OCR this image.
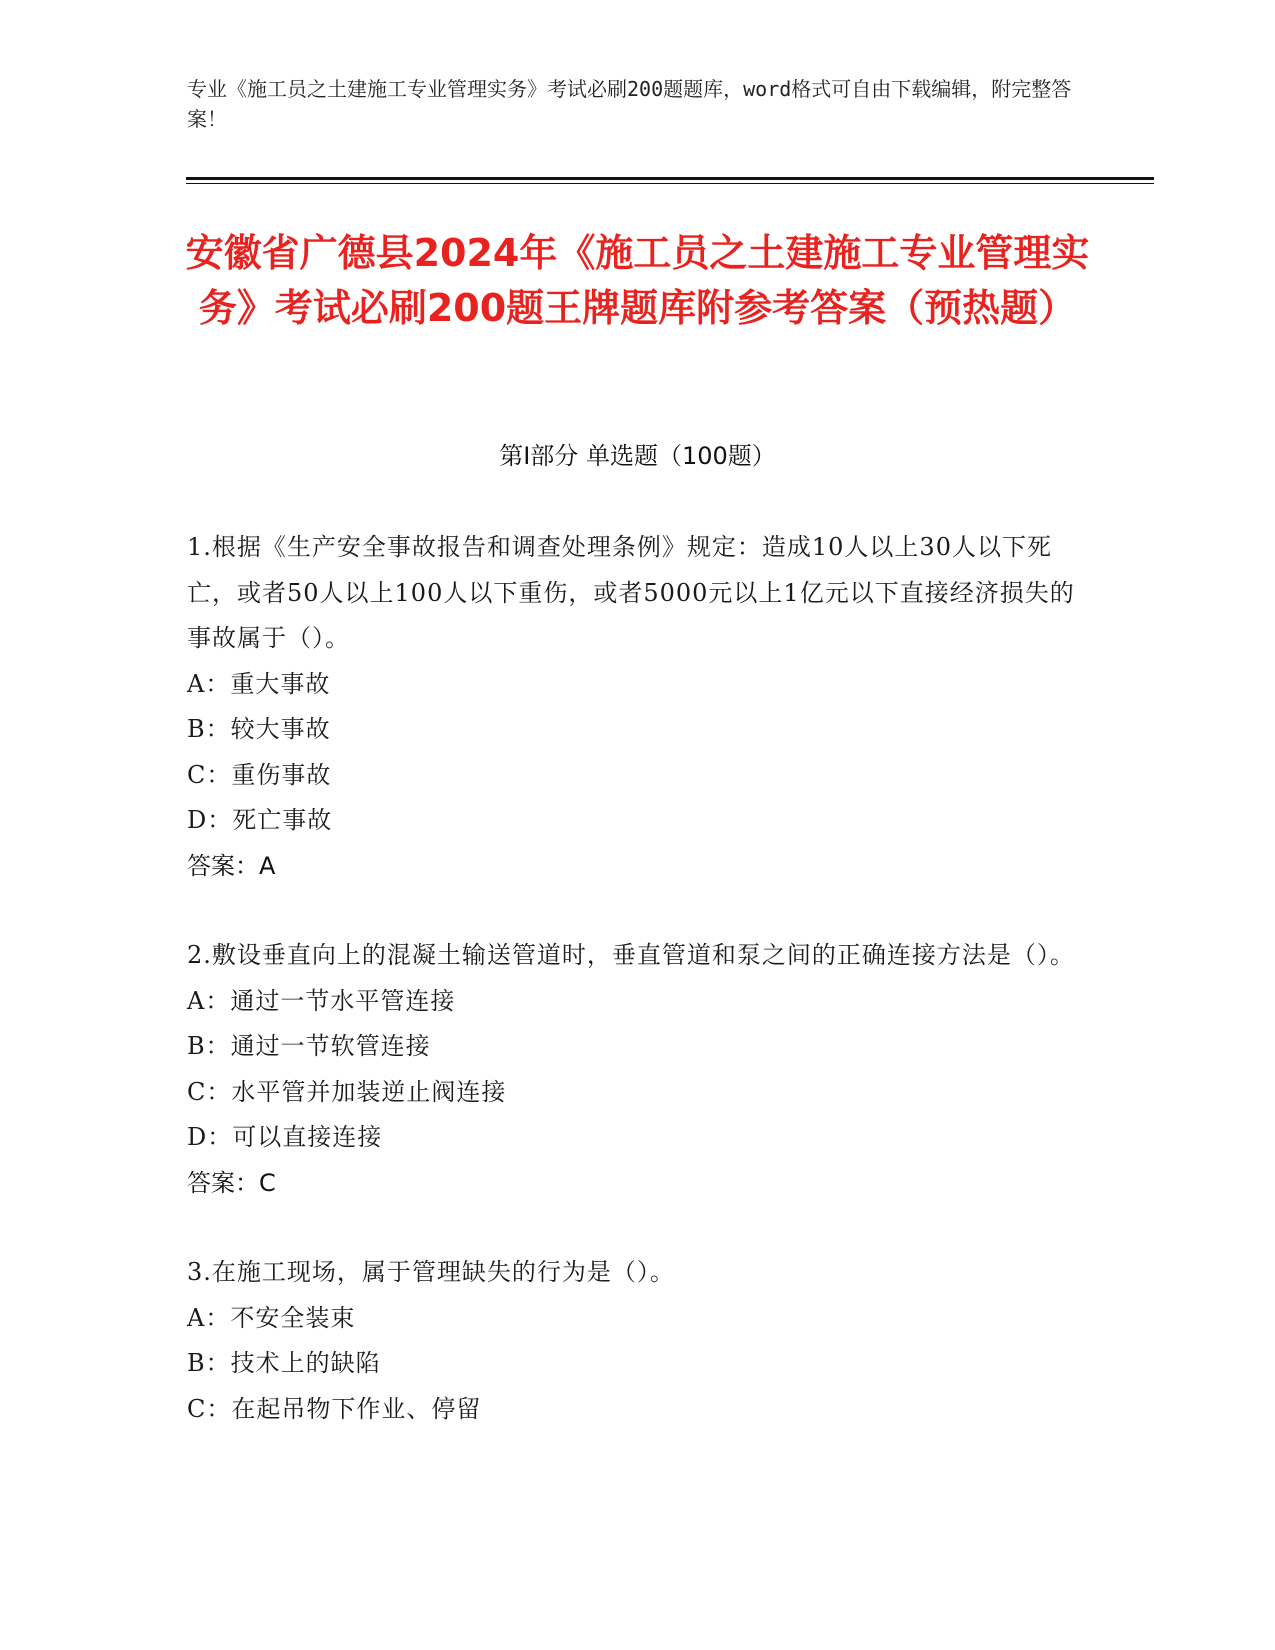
专业《施工员之土建施工专业管理实务》考试必刷200题题库，word格式可自由下载编辑，附完整答案！
安徽省广德县2024年《施工员之土建施工专业管理实务》考试必刷200题王牌题库附参考答案（预热题）
第I部分 单选题（100题）

1.根据《生产安全事故报告和调查处理条例》规定：造成10人以上30人以下死亡，或者50人以上100人以下重伤，或者5000元以上1亿元以下直接经济损失的事故属于（）。

A：重大事故
B：较大事故
C：重伤事故
D：死亡事故
答案：A

2.敷设垂直向上的混凝土输送管道时，垂直管道和泵之间的正确连接方法是（）。

A：通过一节水平管连接
B：通过一节软管连接
C：水平管并加装逆止阀连接
D：可以直接连接
答案：C

3.在施工现场，属于管理缺失的行为是（）。

A：不安全装束
B：技术上的缺陷
C：在起吊物下作业、停留
